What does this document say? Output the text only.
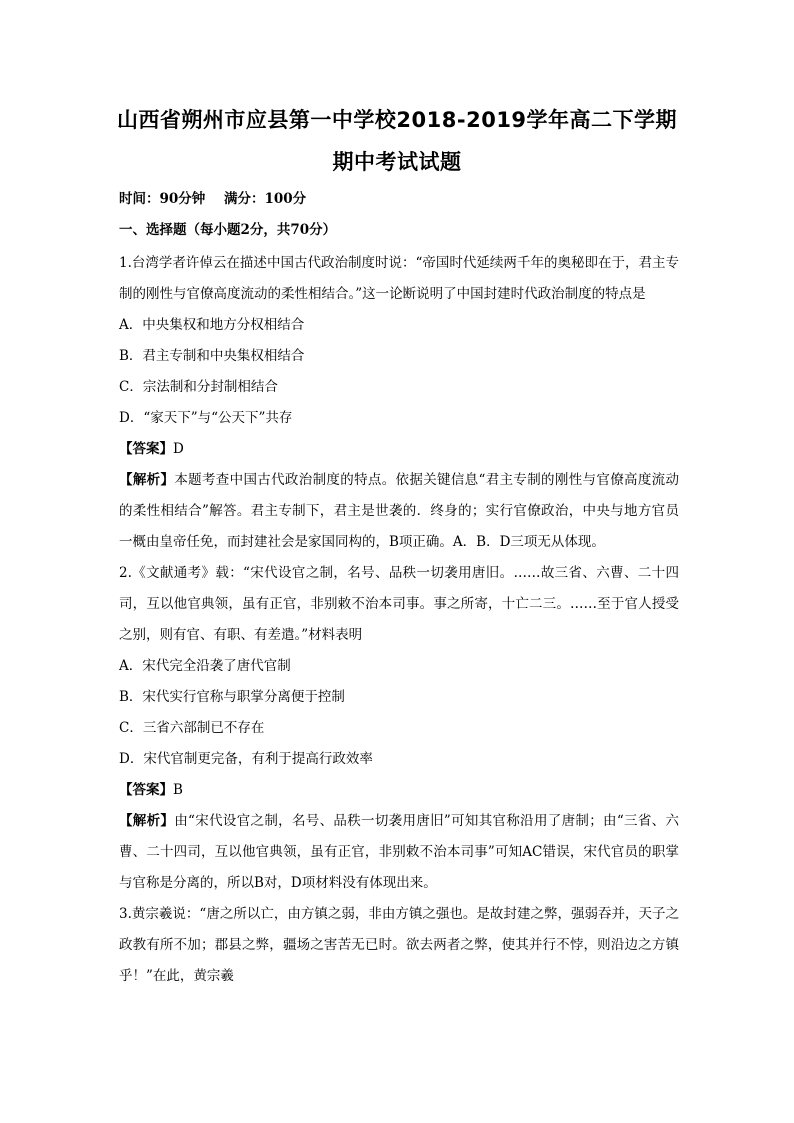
山西省朔州市应县第一中学校2018-2019学年高二下学期
期中考试试题
时间：90分钟 满分：100分
一、选择题（每小题2分，共70分）

1.台湾学者许倬云在描述中国古代政治制度时说：“帝国时代延续两千年的奥秘即在于，君主专制的刚性与官僚高度流动的柔性相结合。”这一论断说明了中国封建时代政治制度的特点是

A．中央集权和地方分权相结合

B．君主专制和中央集权相结合

C．宗法制和分封制相结合

D．“家天下”与“公天下”共存

【答案】D

【解析】本题考查中国古代政治制度的特点。依据关键信息“君主专制的刚性与官僚高度流动的柔性相结合”解答。君主专制下，君主是世袭的．终身的；实行官僚政治，中央与地方官员一概由皇帝任免，而封建社会是家国同构的，B项正确。A．B．D三项无从体现。

2.《文献通考》载：“宋代设官之制，名号、品秩一切袭用唐旧。……故三省、六曹、二十四司，互以他官典领，虽有正官，非别敕不治本司事。事之所寄，十亡二三。……至于官人授受之别，则有官、有职、有差遣。”材料表明

A．宋代完全沿袭了唐代官制

B．宋代实行官称与职掌分离便于控制

C．三省六部制已不存在

D．宋代官制更完备，有利于提高行政效率

【答案】B

【解析】由“宋代设官之制，名号、品秩一切袭用唐旧”可知其官称沿用了唐制；由“三省、六曹、二十四司，互以他官典领，虽有正官，非别敕不治本司事”可知AC错误，宋代官员的职掌与官称是分离的，所以B对，D项材料没有体现出来。

3.黄宗羲说：“唐之所以亡，由方镇之弱，非由方镇之强也。是故封建之弊，强弱吞并，天子之政教有所不加；郡县之弊，疆场之害苦无已时。欲去两者之弊，使其并行不悖，则沿边之方镇乎！”在此，黄宗羲
